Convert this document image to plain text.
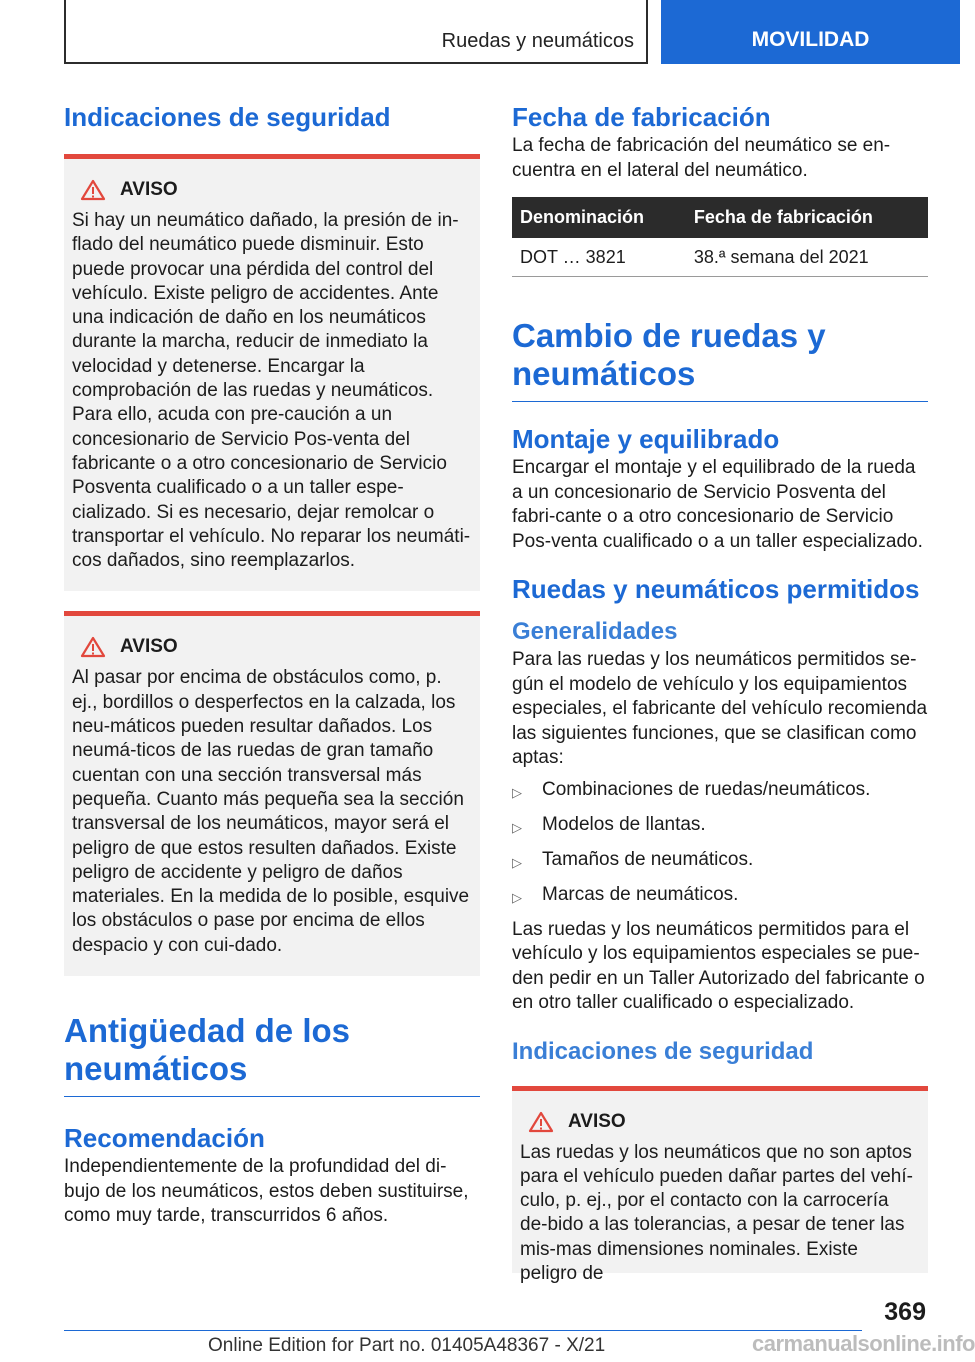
Ruedas y neumáticos	MOVILIDAD
Indicaciones de seguridad
AVISO

Si hay un neumático dañado, la presión de in-flado del neumático puede disminuir. Esto puede provocar una pérdida del control del vehículo. Existe peligro de accidentes. Ante una indicación de daño en los neumáticos durante la marcha, reducir de inmediato la velocidad y detenerse. Encargar la comprobación de las ruedas y neumáticos. Para ello, acuda con pre-caución a un concesionario de Servicio Pos-venta del fabricante o a otro concesionario de Servicio Posventa cualificado o a un taller espe-cializado. Si es necesario, dejar remolcar o transportar el vehículo. No reparar los neumáti-cos dañados, sino reemplazarlos.

AVISO

Al pasar por encima de obstáculos como, p. ej., bordillos o desperfectos en la calzada, los neu-máticos pueden resultar dañados. Los neumá-ticos de las ruedas de gran tamaño cuentan con una sección transversal más pequeña. Cuanto más pequeña sea la sección transversal de los neumáticos, mayor será el peligro de que estos resulten dañados. Existe peligro de accidente y peligro de daños materiales. En la medida de lo posible, esquive los obstáculos o pase por encima de ellos despacio y con cui-dado.

Antigüedad de los neumáticos
Recomendación

Independientemente de la profundidad del di-bujo de los neumáticos, estos deben sustituirse, como muy tarde, transcurridos 6 años.

Fecha de fabricación

La fecha de fabricación del neumático se en-cuentra en el lateral del neumático.

Denominación	Fecha de fabricación
DOT … 3821	38.ª semana del 2021
Cambio de ruedas y neumáticos
Montaje y equilibrado

Encargar el montaje y el equilibrado de la rueda a un concesionario de Servicio Posventa del fabri-cante o a otro concesionario de Servicio Pos-venta cualificado o a un taller especializado.

Ruedas y neumáticos permitidos
Generalidades

Para las ruedas y los neumáticos permitidos se-gún el modelo de vehículo y los equipamientos especiales, el fabricante del vehículo recomienda las siguientes funciones, que se clasifican como aptas:

▷	Combinaciones de ruedas/neumáticos.
▷	Modelos de llantas.
▷	Tamaños de neumáticos.
▷	Marcas de neumáticos.

Las ruedas y los neumáticos permitidos para el vehículo y los equipamientos especiales se pue-den pedir en un Taller Autorizado del fabricante o en otro taller cualificado o especializado.

Indicaciones de seguridad
AVISO

Las ruedas y los neumáticos que no son aptos para el vehículo pueden dañar partes del vehí-culo, p. ej., por el contacto con la carrocería de-bido a las tolerancias, a pesar de tener las mis-mas dimensiones nominales. Existe peligro de

369
Online Edition for Part no. 01405A48367 - X/21	carmanualsonline.info
